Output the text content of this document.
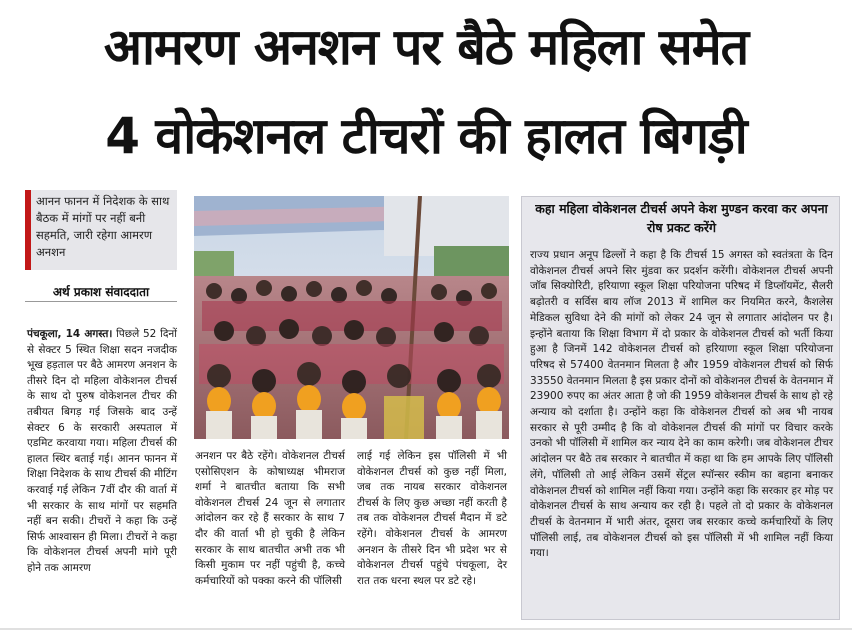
आमरण अनशन पर बैठे महिला समेत
4 वोकेशनल टीचरों की हालत बिगड़ी
आनन फानन में निदेशक के साथ बैठक में मांगों पर नहीं बनी सहमति, जारी रहेगा आमरण अनशन
अर्थ प्रकाश संवाददाता
पंचकूला, 14 अगस्त। पिछले 52 दिनों से सेक्टर 5 स्थित शिक्षा सदन नजदीक भूख हड़ताल पर बैठे आमरण अनशन के तीसरे दिन दो महिला वोकेशनल टीचर्स के साथ दो पुरुष वोकेशनल टीचर की तबीयत बिगड़ गई जिसके बाद उन्हें सेक्टर 6 के सरकारी अस्पताल में एडमिट करवाया गया। महिला टीचर्स की हालत स्थिर बताई गई। आनन फानन में शिक्षा निदेशक के साथ टीचर्स की मीटिंग करवाई गई लेकिन 7वीं दौर की वार्ता में भी सरकार के साथ मांगों पर सहमति नहीं बन सकी। टीचरों ने कहा कि उन्हें सिर्फ आश्वासन ही मिला। टीचरों ने कहा कि वोकेशनल टीचर्स अपनी मांगे पूरी होने तक आमरण
अनशन पर बैठे रहेंगे। वोकेशनल टीचर्स एसोसिएशन के कोषाध्यक्ष भीमराज शर्मा ने बातचीत बताया कि सभी वोकेशनल टीचर्स 24 जून से लगातार आंदोलन कर रहे हैं सरकार के साथ 7 दौर की वार्ता भी हो चुकी है लेकिन सरकार के साथ बातचीत अभी तक भी किसी मुकाम पर नहीं पहुंची है, कच्चे कर्मचारियों को पक्का करने की पॉलिसी
लाई गई लेकिन इस पॉलिसी में भी वोकेशनल टीचर्स को कुछ नहीं मिला, जब तक नायब सरकार वोकेशनल टीचर्स के लिए कुछ अच्छा नहीं करती है तब तक वोकेशनल टीचर्स मैदान में डटे रहेंगे। वोकेशनल टीचर्स के आमरण अनशन के तीसरे दिन भी प्रदेश भर से वोकेशनल टीचर्स पहुंचे पंचकूला, देर रात तक धरना स्थल पर डटे रहे।
कहा महिला वोकेशनल टीचर्स अपने केश मुण्डन करवा कर अपना रोष प्रकट करेंगे
राज्य प्रधान अनूप ढिल्लों ने कहा है कि टीचर्स 15 अगस्त को स्वतंत्रता के दिन वोकेशनल टीचर्स अपने सिर मुंडवा कर प्रदर्शन करेंगी। वोकेशनल टीचर्स अपनी जॉब सिक्योरिटी, हरियाणा स्कूल शिक्षा परियोजना परिषद में डिप्लॉयमेंट, सैलरी बढ़ोतरी व सर्विस बाय लॉज 2013 में शामिल कर नियमित करने, कैशलेस मेडिकल सुविधा देने की मांगों को लेकर 24 जून से लगातार आंदोलन पर है। इन्होंने बताया कि शिक्षा विभाग में दो प्रकार के वोकेशनल टीचर्स को भर्ती किया हुआ है जिनमें 142 वोकेशनल टीचर्स को हरियाणा स्कूल शिक्षा परियोजना परिषद से 57400 वेतनमान मिलता है और 1959 वोकेशनल टीचर्स को सिर्फ 33550 वेतनमान मिलता है इस प्रकार दोनों को वोकेशनल टीचर्स के वेतनमान में 23900 रुपए का अंतर आता है जो की 1959 वोकेशनल टीचर्स के साथ हो रहे अन्याय को दर्शाता है। उन्होंने कहा कि वोकेशनल टीचर्स को अब भी नायब सरकार से पूरी उम्मीद है कि वो वोकेशनल टीचर्स की मांगों पर विचार करके उनको भी पॉलिसी में शामिल कर न्याय देने का काम करेगी। जब वोकेशनल टीचर आंदोलन पर बैठे तब सरकार ने बातचीत में कहा था कि हम आपके लिए पॉलिसी लेंगे, पॉलिसी तो आई लेकिन उसमें सेंट्रल स्पॉन्सर स्कीम का बहाना बनाकर वोकेशनल टीचर्स को शामिल नहीं किया गया। उन्होंने कहा कि सरकार हर मोड़ पर वोकेशनल टीचर्स के साथ अन्याय कर रही है। पहले तो दो प्रकार के वोकेशनल टीचर्स के वेतनमान में भारी अंतर, दूसरा जब सरकार कच्चे कर्मचारियों के लिए पॉलिसी लाई, तब वोकेशनल टीचर्स को इस पॉलिसी में भी शामिल नहीं किया गया।
